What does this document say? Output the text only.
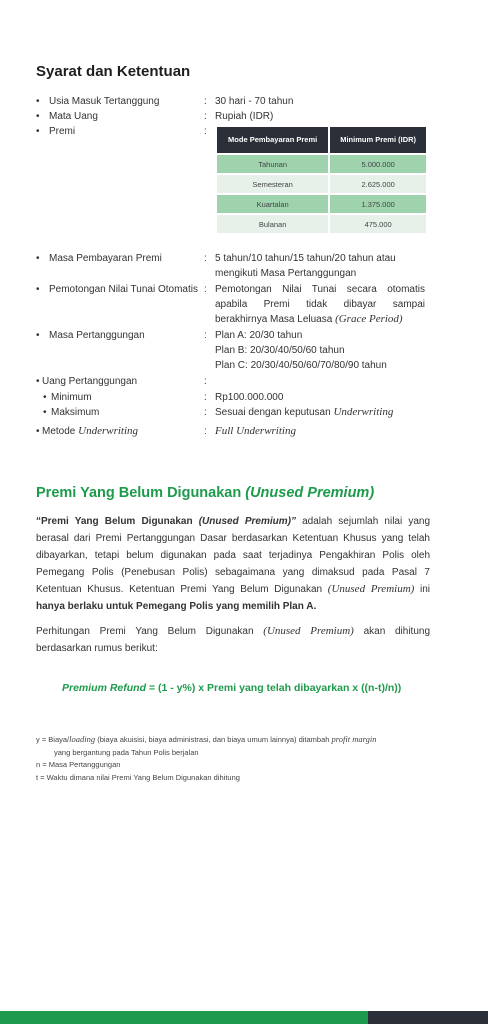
Syarat dan Ketentuan
• Usia Masuk Tertanggung	: 30 hari - 70 tahun
• Mata Uang	: Rupiah (IDR)
• Premi	:
Mode Pembayaran Premi	Minimum Premi (IDR)
Tahunan	5.000.000
Semesteran	2.625.000
Kuartalan	1.375.000
Bulanan	475.000
• Masa Pembayaran Premi	: 5 tahun/10 tahun/15 tahun/20 tahun atau mengikuti Masa Pertanggungan
• Pemotongan Nilai Tunai Otomatis : Pemotongan Nilai Tunai secara otomatis apabila Premi tidak dibayar sampai berakhirnya Masa Leluasa (Grace Period)
• Masa Pertanggungan	: Plan A: 20/30 tahun
Plan B: 20/30/40/50/60 tahun
Plan C: 20/30/40/50/60/70/80/90 tahun
• Uang Pertanggungan	:
• Minimum	: Rp100.000.000
• Maksimum	: Sesuai dengan keputusan Underwriting
• Metode Underwriting	: Full Underwriting
Premi Yang Belum Digunakan (Unused Premium)

“Premi Yang Belum Digunakan (Unused Premium)” adalah sejumlah nilai yang berasal dari Premi Pertanggungan Dasar berdasarkan Ketentuan Khusus yang telah dibayarkan, tetapi belum digunakan pada saat terjadinya Pengakhiran Polis oleh Pemegang Polis (Penebusan Polis) sebagaimana yang dimaksud pada Pasal 7 Ketentuan Khusus. Ketentuan Premi Yang Belum Digunakan (Unused Premium) ini hanya berlaku untuk Pemegang Polis yang memilih Plan A.

Perhitungan Premi Yang Belum Digunakan (Unused Premium) akan dihitung berdasarkan rumus berikut:

Premium Refund = (1 - y%) x Premi yang telah dibayarkan x ((n-t)/n))

y = Biaya/loading (biaya akuisisi, biaya administrasi, dan biaya umum lainnya) ditambah profit margin
yang bergantung pada Tahun Polis berjalan
n = Masa Pertanggungan
t = Waktu dimana nilai Premi Yang Belum Digunakan dihitung
